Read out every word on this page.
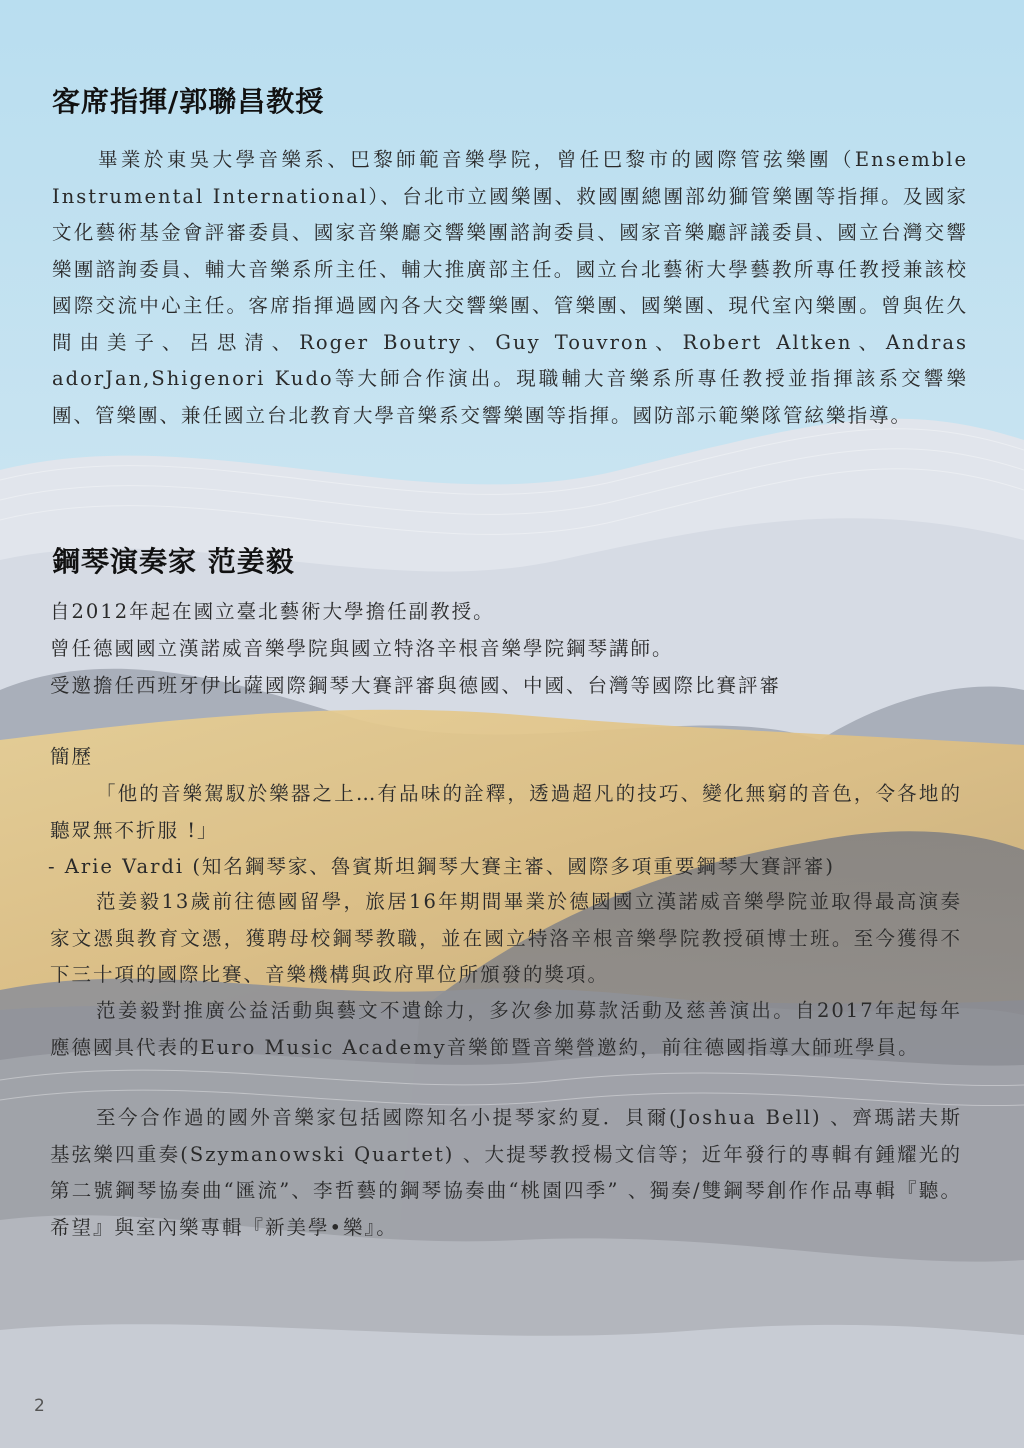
客席指揮/郭聯昌教授

畢業於東吳大學音樂系、巴黎師範音樂學院，曾任巴黎市的國際管弦樂團（Ensemble Instrumental International）、台北市立國樂團、救國團總團部幼獅管樂團等指揮。及國家文化藝術基金會評審委員、國家音樂廳交響樂團諮詢委員、國家音樂廳評議委員、國立台灣交響樂團諮詢委員、輔大音樂系所主任、輔大推廣部主任。國立台北藝術大學藝教所專任教授兼該校國際交流中心主任。客席指揮過國內各大交響樂團、管樂團、國樂團、現代室內樂團。曾與佐久間由美子、呂思清、Roger Boutry、Guy Touvron、Robert Altken、Andras adorJan,Shigenori Kudo等大師合作演出。現職輔大音樂系所專任教授並指揮該系交響樂團、管樂團、兼任國立台北教育大學音樂系交響樂團等指揮。國防部示範樂隊管絃樂指導。

鋼琴演奏家 范姜毅

自2012年起在國立臺北藝術大學擔任副教授。

曾任德國國立漢諾威音樂學院與國立特洛辛根音樂學院鋼琴講師。

受邀擔任西班牙伊比薩國際鋼琴大賽評審與德國、中國、台灣等國際比賽評審

簡歷

「他的音樂駕馭於樂器之上…有品味的詮釋，透過超凡的技巧、變化無窮的音色，令各地的聽眾無不折服 !」

- Arie Vardi (知名鋼琴家、魯賓斯坦鋼琴大賽主審、國際多項重要鋼琴大賽評審)

范姜毅13歲前往德國留學，旅居16年期間畢業於德國國立漢諾威音樂學院並取得最高演奏家文憑與教育文憑，獲聘母校鋼琴教職，並在國立特洛辛根音樂學院教授碩博士班。至今獲得不下三十項的國際比賽、音樂機構與政府單位所頒發的獎項。

范姜毅對推廣公益活動與藝文不遺餘力，多次參加募款活動及慈善演出。自2017年起每年應德國具代表的Euro Music Academy音樂節暨音樂營邀約，前往德國指導大師班學員。

至今合作過的國外音樂家包括國際知名小提琴家約夏．貝爾(Joshua Bell) 、齊瑪諾夫斯基弦樂四重奏(Szymanowski Quartet) 、大提琴教授楊文信等；近年發行的專輯有鍾耀光的第二號鋼琴協奏曲“匯流”、李哲藝的鋼琴協奏曲“桃園四季” 、獨奏/雙鋼琴創作作品專輯『聽。希望』與室內樂專輯『新美學•樂』。

2
